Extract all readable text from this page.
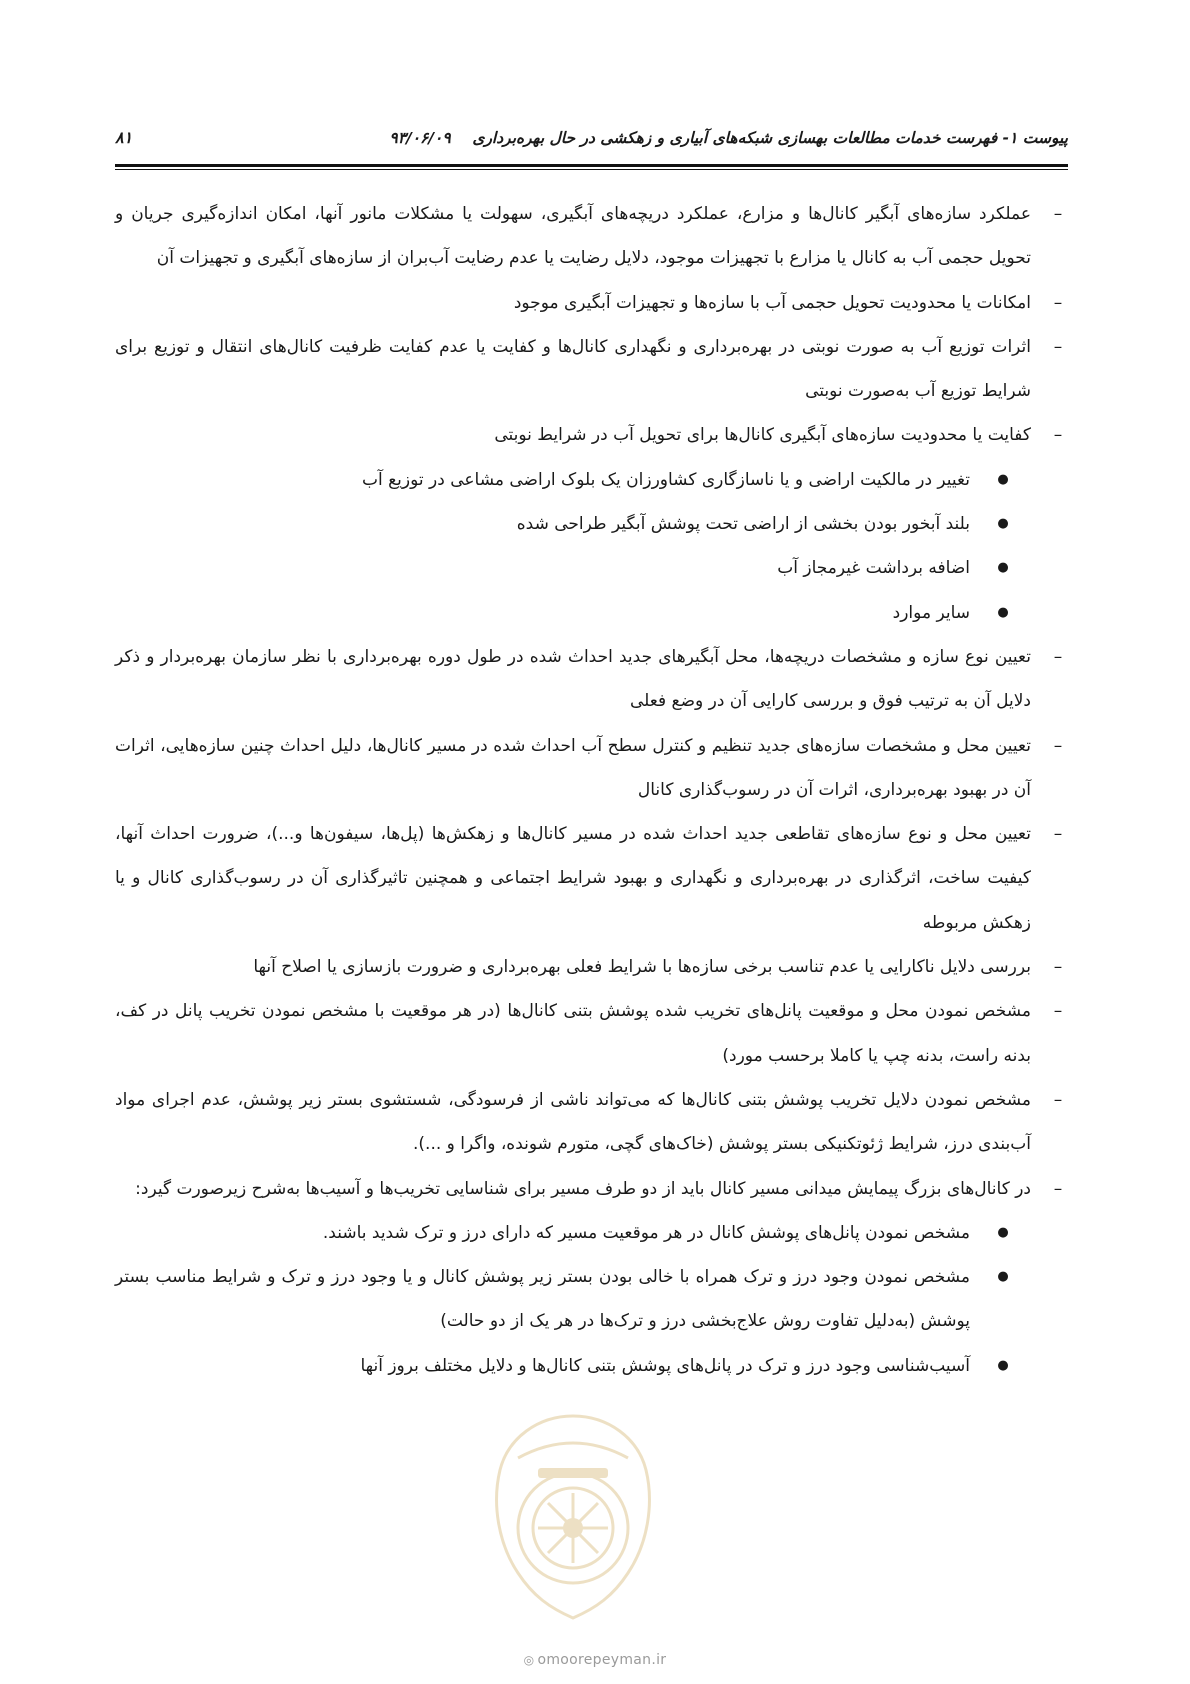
پیوست ۱- فهرست خدمات مطالعات بهسازی شبکه‌های آبیاری و زهکشی در حال بهره‌برداری    ۹۳/۰۶/۰۹
۸۱

–
عملکرد سازه‌های آبگیر کانال‌ها و مزارع، عملکرد دریچه‌های آبگیری، سهولت یا مشکلات مانور آنها، امکان اندازه‌گیری جریان و تحویل حجمی آب به کانال یا مزارع با تجهیزات موجود، دلایل رضایت یا عدم رضایت آب‌بران از سازه‌های آبگیری و تجهیزات آن

–
امکانات یا محدودیت تحویل حجمی آب با سازه‌ها و تجهیزات آبگیری موجود

–
اثرات توزیع آب به صورت نوبتی در بهره‌برداری و نگهداری کانال‌ها و کفایت یا عدم کفایت ظرفیت کانال‌های انتقال و توزیع برای شرایط توزیع آب به‌صورت نوبتی

–
کفایت یا محدودیت سازه‌های آبگیری کانال‌ها برای تحویل آب در شرایط نوبتی

●
تغییر در مالکیت اراضی و یا ناسازگاری کشاورزان یک بلوک اراضی مشاعی در توزیع آب

●
بلند آبخور بودن بخشی از اراضی تحت پوشش آبگیر طراحی شده

●
اضافه برداشت غیرمجاز آب

●
سایر موارد

–
تعیین نوع سازه و مشخصات دریچه‌ها، محل آبگیرهای جدید احداث شده در طول دوره بهره‌برداری با نظر سازمان بهره‌بردار و ذکر دلایل آن به ترتیب فوق و بررسی کارایی آن در وضع فعلی

–
تعیین محل و مشخصات سازه‌های جدید تنظیم و کنترل سطح آب احداث شده در مسیر کانال‌ها، دلیل احداث چنین سازه‌هایی، اثرات آن در بهبود بهره‌برداری، اثرات آن در رسوب‌گذاری کانال

–
تعیین محل و نوع سازه‌های تقاطعی جدید احداث شده در مسیر کانال‌ها و زهکش‌ها (پل‌ها، سیفون‌ها و...)، ضرورت احداث آنها، کیفیت ساخت، اثرگذاری در بهره‌برداری و نگهداری و بهبود شرایط اجتماعی و همچنین تاثیرگذاری آن در رسوب‌گذاری کانال و یا زهکش مربوطه

–
بررسی دلایل ناکارایی یا عدم تناسب برخی سازه‌ها با شرایط فعلی بهره‌برداری و ضرورت بازسازی یا اصلاح آنها

–
مشخص نمودن محل و موقعیت پانل‌های تخریب شده پوشش بتنی کانال‌ها (در هر موقعیت با مشخص نمودن تخریب پانل در کف، بدنه راست، بدنه چپ یا کاملا برحسب مورد)

–
مشخص نمودن دلایل تخریب پوشش بتنی کانال‌ها که می‌تواند ناشی از فرسودگی، شستشوی بستر زیر پوشش، عدم اجرای مواد آب‌بندی درز، شرایط ژئوتکنیکی بستر پوشش (خاک‌های گچی، متورم شونده، واگرا و ...).

–
در کانال‌های بزرگ پیمایش میدانی مسیر کانال باید از دو طرف مسیر برای شناسایی تخریب‌ها و آسیب‌ها به‌شرح زیرصورت گیرد:

●
مشخص نمودن پانل‌های پوشش کانال در هر موقعیت مسیر که دارای درز و ترک شدید باشند.

●
مشخص نمودن وجود درز و ترک همراه با خالی بودن بستر زیر پوشش کانال و یا وجود درز و ترک و شرایط مناسب بستر پوشش (به‌دلیل تفاوت روش علاج‌بخشی درز و ترک‌ها در هر یک از دو حالت)

●
آسیب‌شناسی وجود درز و ترک در پانل‌های پوشش بتنی کانال‌ها و دلایل مختلف بروز آنها

◎ omoorepeyman.ir
